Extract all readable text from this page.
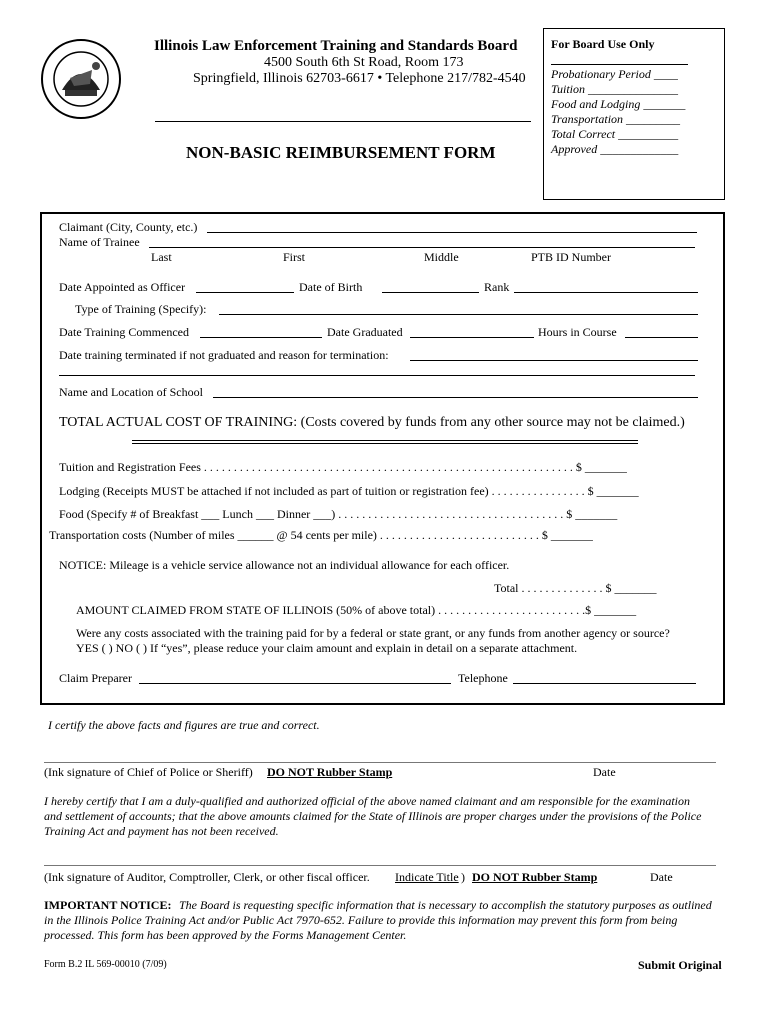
Illinois Law Enforcement Training and Standards Board
4500 South 6th St Road, Room 173
Springfield, Illinois 62703-6617 • Telephone 217/782-4540
NON-BASIC REIMBURSEMENT FORM
For Board Use Only
Probationary Period ____
Tuition _______________
Food and Lodging _______
Transportation _________
Total Correct __________
Approved _____________
Claimant (City, County, etc.)
Name of Trainee
Last	First	Middle	PTB ID Number
Date Appointed as Officer	Date of Birth	Rank
Type of Training (Specify):
Date Training Commenced	Date Graduated	Hours in Course
Date training terminated if not graduated and reason for termination:
Name and Location of School
TOTAL ACTUAL COST OF TRAINING: (Costs covered by funds from any other source may not be claimed.)
Tuition and Registration Fees . . . . . . . . . . . . . . . . . . . . . . . . . . . . . . . . . . . . . . . . . . . . . . . . . . . . . . . . . . . . . . $ _______
Lodging (Receipts MUST be attached if not included as part of tuition or registration fee) . . . . . . . . . . . . . . . . $ _______
Food (Specify # of Breakfast ___ Lunch ___ Dinner ___) . . . . . . . . . . . . . . . . . . . . . . . . . . . . . . . . . . . . . . $ _______
Transportation costs (Number of miles ______ @ 54 cents per mile) . . . . . . . . . . . . . . . . . . . . . . . . . . . $ _______
NOTICE: Mileage is a vehicle service allowance not an individual allowance for each officer.
Total . . . . . . . . . . . . . . $ _______
AMOUNT CLAIMED FROM STATE OF ILLINOIS (50% of above total) . . . . . . . . . . . . . . . . . . . . . . . . .$ _______
Were any costs associated with the training paid for by a federal or state grant, or any funds from another agency or source?
YES ( ) NO ( ) If “yes”, please reduce your claim amount and explain in detail on a separate attachment.
Claim Preparer	Telephone
I certify the above facts and figures are true and correct.
(Ink signature of Chief of Police or Sheriff) DO NOT Rubber Stamp	Date
I hereby certify that I am a duly-qualified and authorized official of the above named claimant and am responsible for the examination
and settlement of accounts; that the above amounts claimed for the State of Illinois are proper charges under the provisions of the Police
Training Act and payment has not been received.
(Ink signature of Auditor, Comptroller, Clerk, or other fiscal officer. Indicate Title ) DO NOT Rubber Stamp	Date
IMPORTANT NOTICE: The Board is requesting specific information that is necessary to accomplish the statutory purposes as outlined
in the Illinois Police Training Act and/or Public Act 7970-652. Failure to provide this information may prevent this form from being
processed. This form has been approved by the Forms Management Center.
Form B.2 IL 569-00010 (7/09)	Submit Original
